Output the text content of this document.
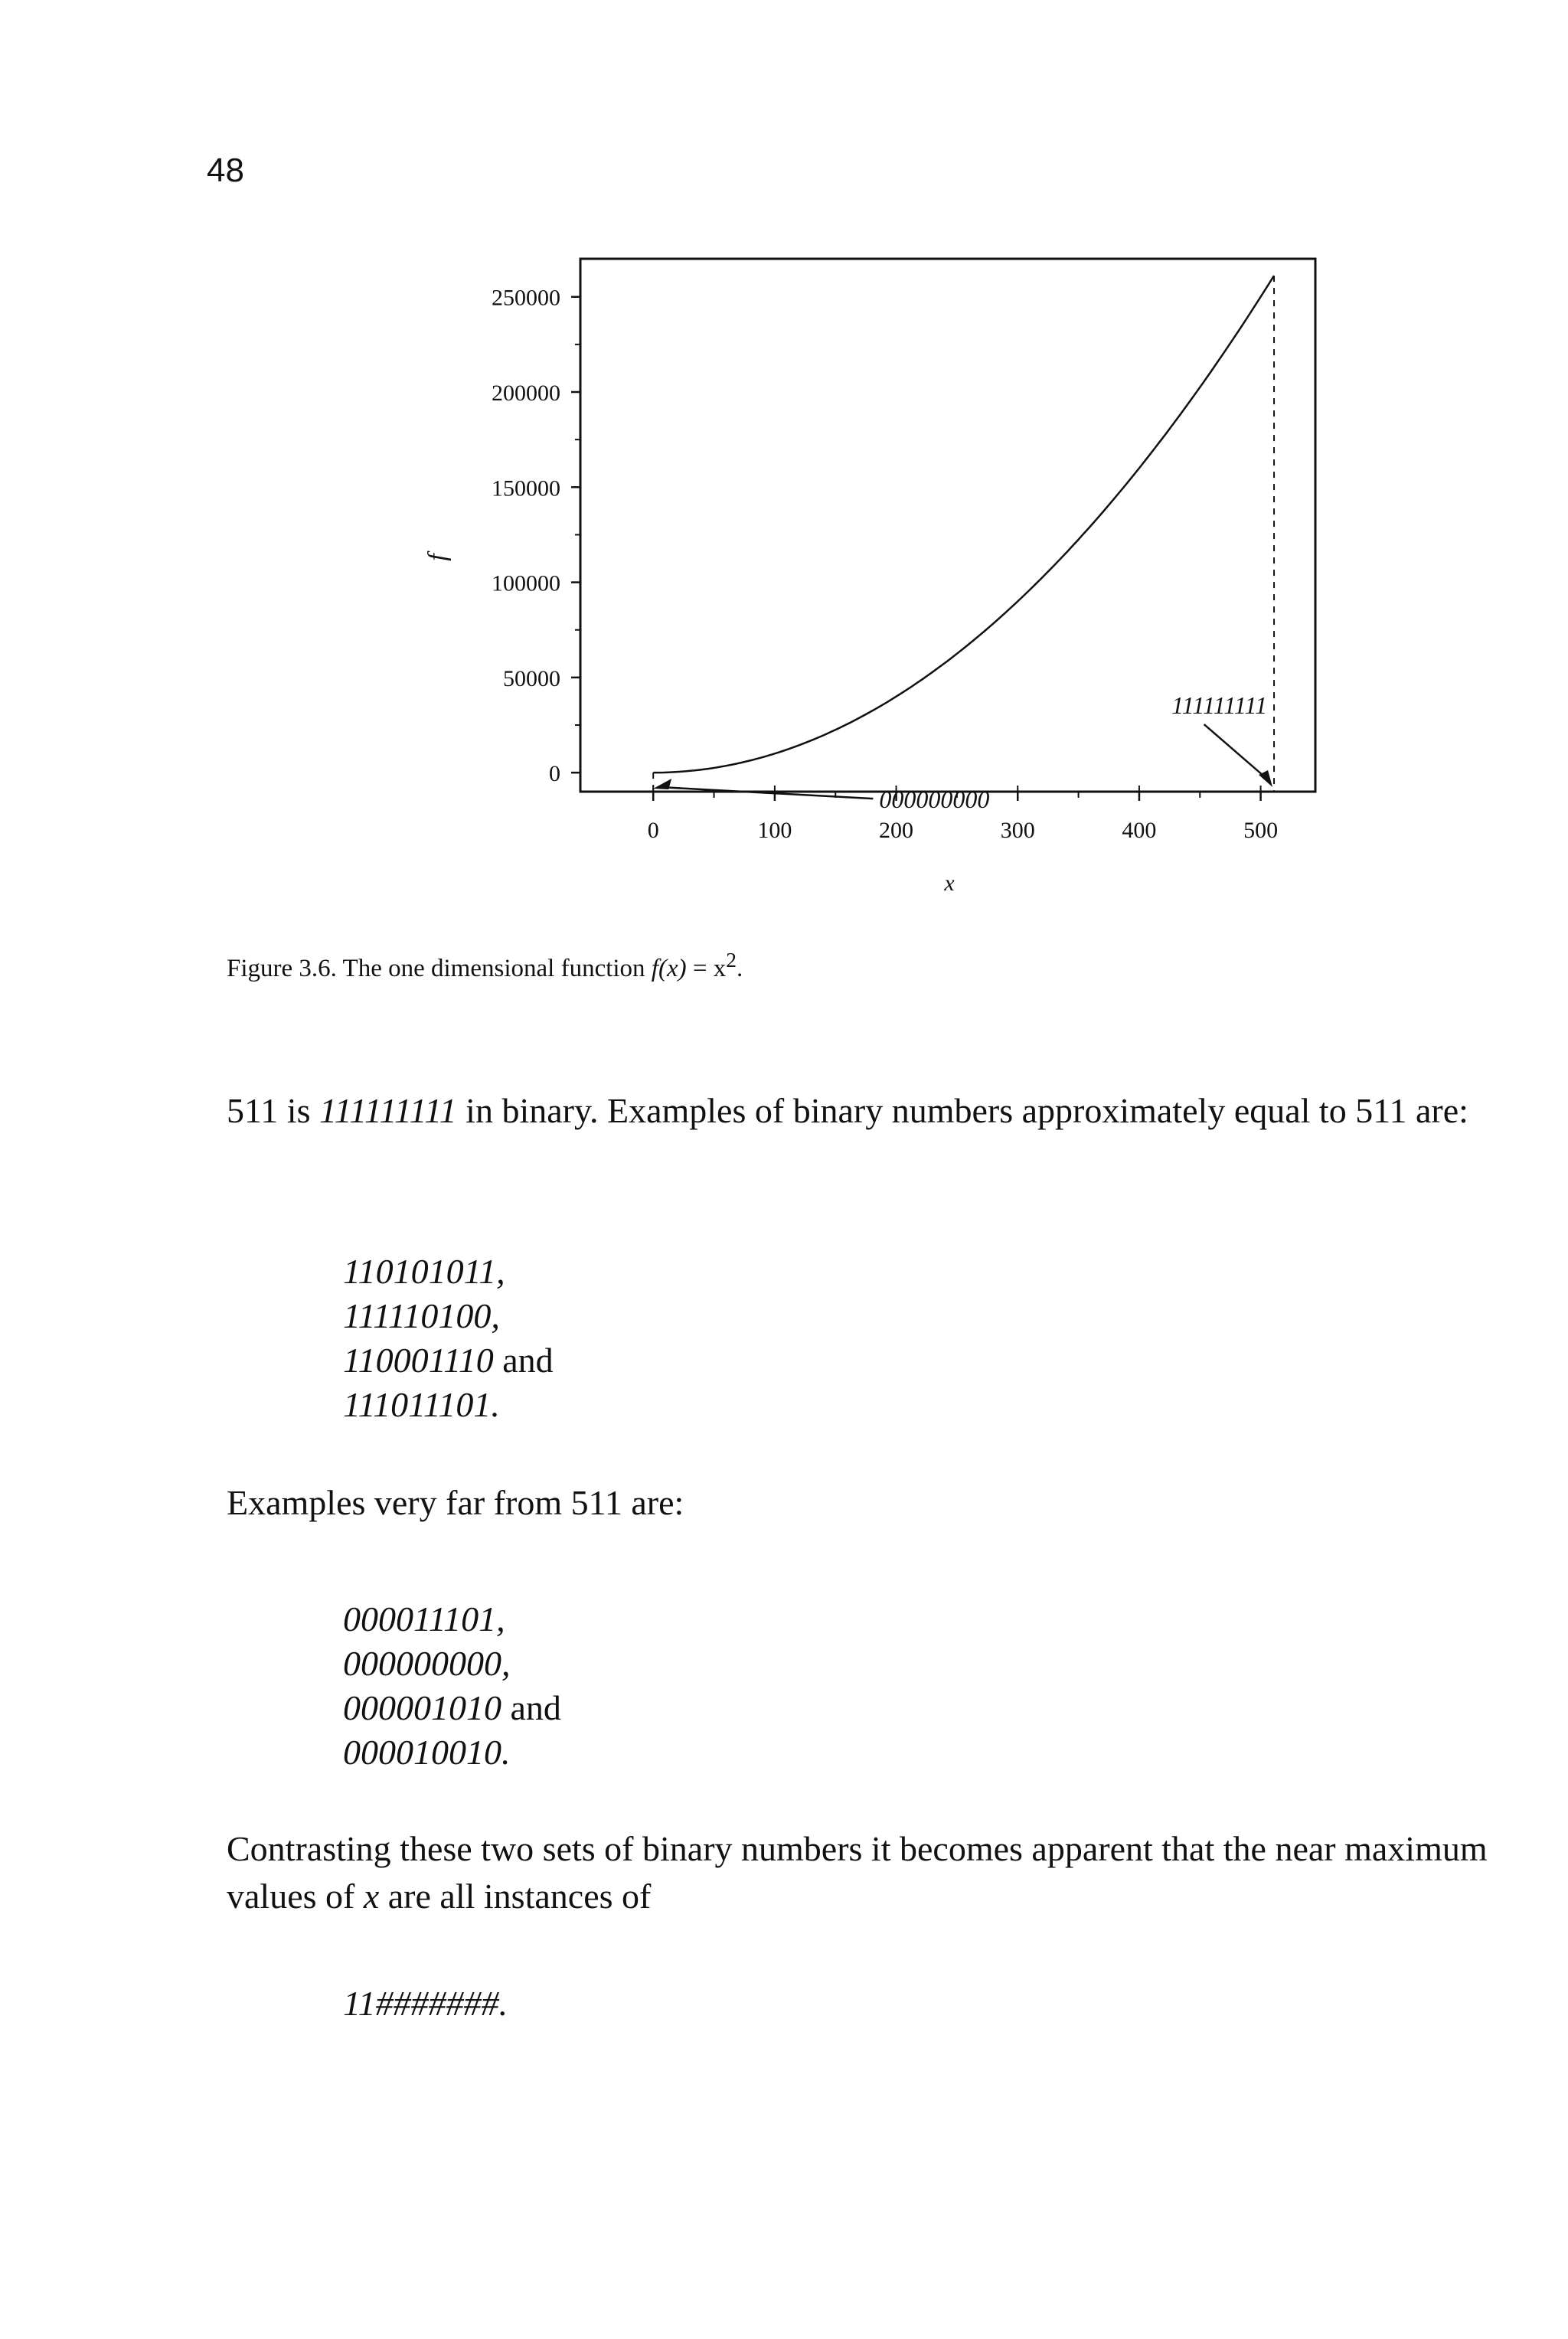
48
0
50000
100000
150000
200000
250000
0	100	200	300	400	500
000000000
111111111
x
f
Figure 3.6. The one dimensional function $f(x) = x^2$.
511 is 111111111 in binary. Examples of binary numbers approximately equal to 511 are:
110101011,
111110100,
110001110 and
111011101.
Examples very far from 511 are:
000011101,
000000000,
000001010 and
000010010.
Contrasting these two sets of binary numbers it becomes apparent that the near maximum values of x are all instances of
11#######.
